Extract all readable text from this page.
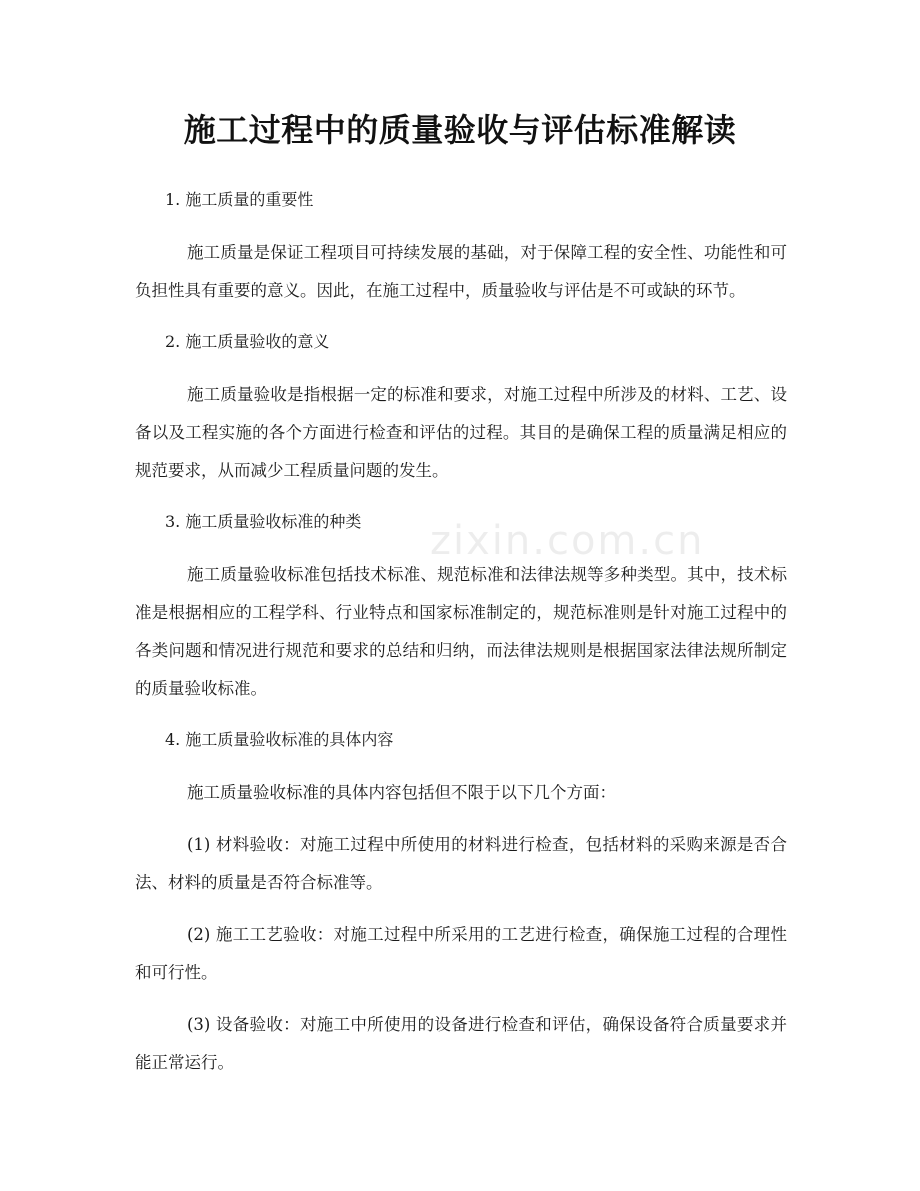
施工过程中的质量验收与评估标准解读
zixin.com.cn
1. 施工质量的重要性

施工质量是保证工程项目可持续发展的基础，对于保障工程的安全性、功能性和可负担性具有重要的意义。因此，在施工过程中，质量验收与评估是不可或缺的环节。

2. 施工质量验收的意义

施工质量验收是指根据一定的标准和要求，对施工过程中所涉及的材料、工艺、设备以及工程实施的各个方面进行检查和评估的过程。其目的是确保工程的质量满足相应的规范要求，从而减少工程质量问题的发生。

3. 施工质量验收标准的种类

施工质量验收标准包括技术标准、规范标准和法律法规等多种类型。其中，技术标准是根据相应的工程学科、行业特点和国家标准制定的，规范标准则是针对施工过程中的各类问题和情况进行规范和要求的总结和归纳，而法律法规则是根据国家法律法规所制定的质量验收标准。

4. 施工质量验收标准的具体内容

施工质量验收标准的具体内容包括但不限于以下几个方面：

(1) 材料验收：对施工过程中所使用的材料进行检查，包括材料的采购来源是否合法、材料的质量是否符合标准等。

(2) 施工工艺验收：对施工过程中所采用的工艺进行检查，确保施工过程的合理性和可行性。

(3) 设备验收：对施工中所使用的设备进行检查和评估，确保设备符合质量要求并能正常运行。
